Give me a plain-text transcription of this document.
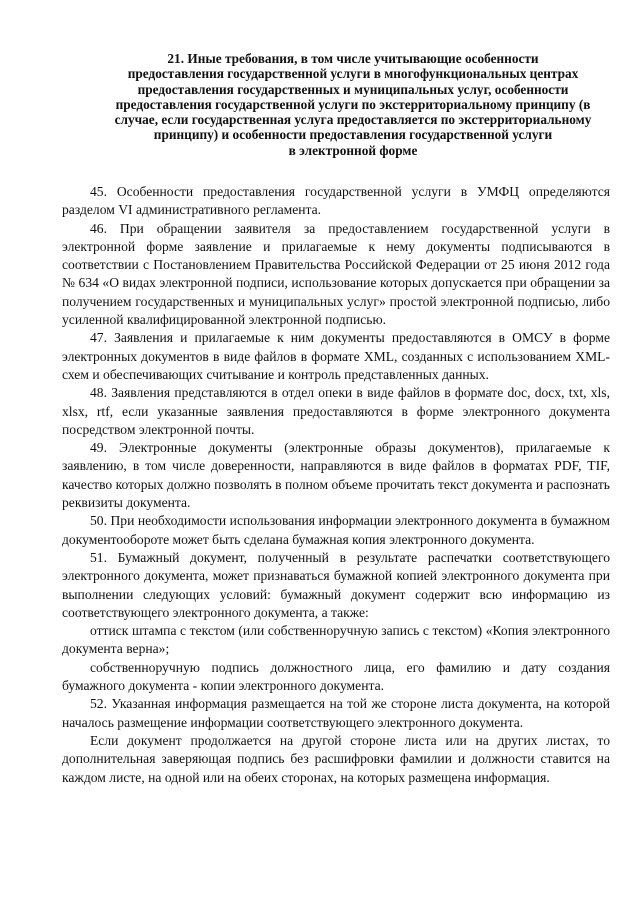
21. Иные требования, в том числе учитывающие особенности
предоставления государственной услуги в многофункциональных центрах
предоставления государственных и муниципальных услуг, особенности
предоставления государственной услуги по экстерриториальному принципу (в
случае, если государственная услуга предоставляется по экстерриториальному
принципу) и особенности предоставления государственной услуги
в электронной форме

45. Особенности предоставления государственной услуги в УМФЦ определяются разделом VI административного регламента.

46. При обращении заявителя за предоставлением государственной услуги в электронной форме заявление и прилагаемые к нему документы подписываются в соответствии с Постановлением Правительства Российской Федерации от 25 июня 2012 года № 634 «О видах электронной подписи, использование которых допускается при обращении за получением государственных и муниципальных услуг» простой электронной подписью, либо усиленной квалифицированной электронной подписью.

47. Заявления и прилагаемые к ним документы предоставляются в ОМСУ в форме электронных документов в виде файлов в формате XML, созданных с использованием XML-схем и обеспечивающих считывание и контроль представленных данных.

48. Заявления представляются в отдел опеки в виде файлов в формате doc, docx, txt, xls, xlsx, rtf, если указанные заявления предоставляются в форме электронного документа посредством электронной почты.

49. Электронные документы (электронные образы документов), прилагаемые к заявлению, в том числе доверенности, направляются в виде файлов в форматах PDF, TIF, качество которых должно позволять в полном объеме прочитать текст документа и распознать реквизиты документа.

50. При необходимости использования информации электронного документа в бумажном документообороте может быть сделана бумажная копия электронного документа.

51. Бумажный документ, полученный в результате распечатки соответствующего электронного документа, может признаваться бумажной копией электронного документа при выполнении следующих условий: бумажный документ содержит всю информацию из соответствующего электронного документа, а также:

оттиск штампа с текстом (или собственноручную запись с текстом) «Копия электронного документа верна»;

собственноручную подпись должностного лица, его фамилию и дату создания бумажного документа - копии электронного документа.

52. Указанная информация размещается на той же стороне листа документа, на которой началось размещение информации соответствующего электронного документа.

Если документ продолжается на другой стороне листа или на других листах, то дополнительная заверяющая подпись без расшифровки фамилии и должности ставится на каждом листе, на одной или на обеих сторонах, на которых размещена информация.
